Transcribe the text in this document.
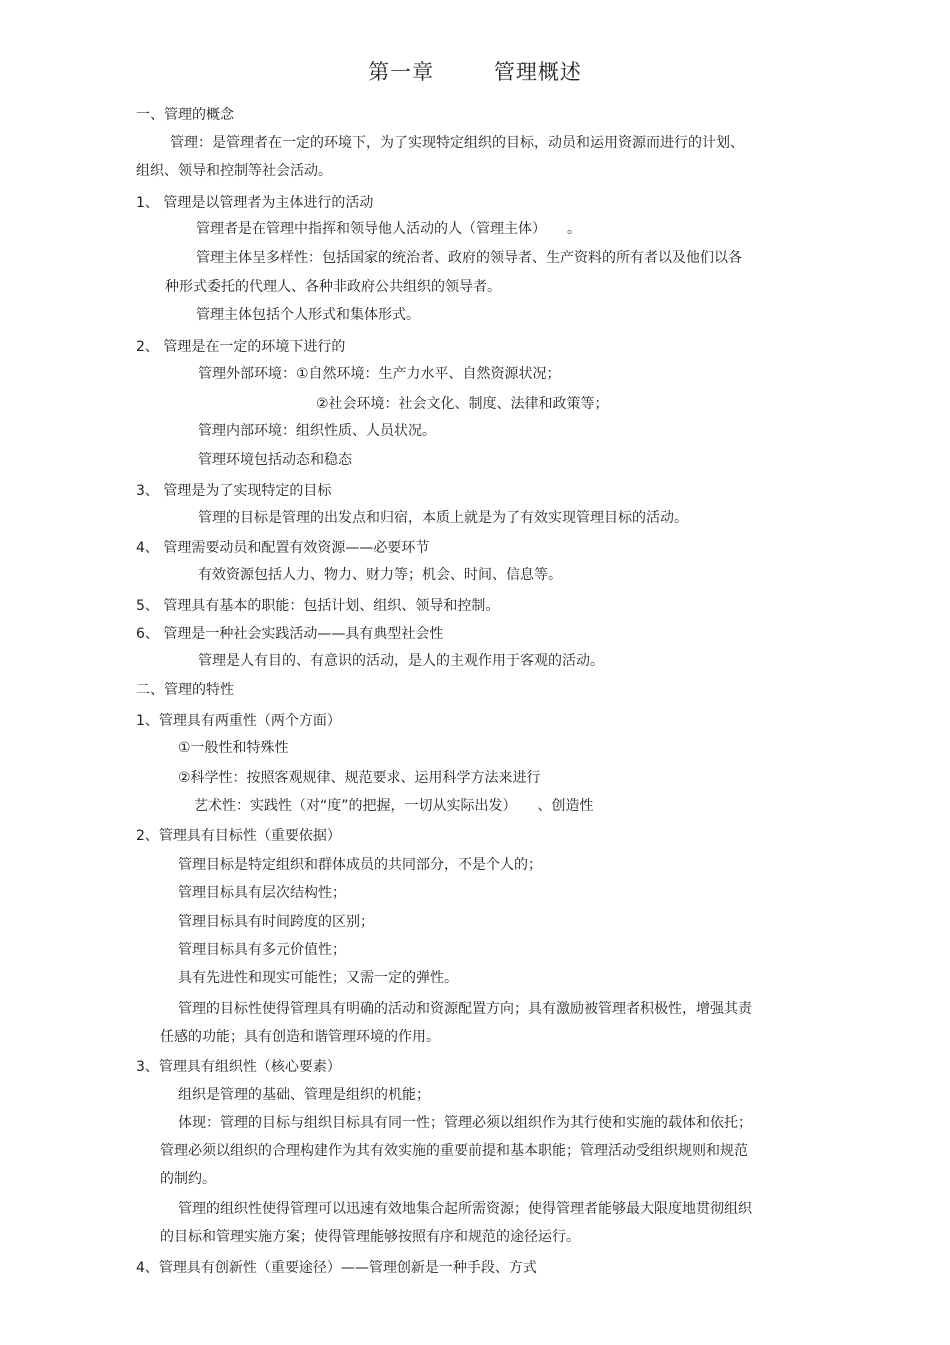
第一章 管理概述
一、管理的概念
管理：是管理者在一定的环境下，为了实现特定组织的目标，动员和运用资源而进行的计划、
组织、领导和控制等社会活动。
1、 管理是以管理者为主体进行的活动
管理者是在管理中指挥和领导他人活动的人（管理主体）　　。
管理主体呈多样性：包括国家的统治者、政府的领导者、生产资料的所有者以及他们以各
种形式委托的代理人、各种非政府公共组织的领导者。
管理主体包括个人形式和集体形式。
2、 管理是在一定的环境下进行的
管理外部环境：①自然环境：生产力水平、自然资源状况；
②社会环境：社会文化、制度、法律和政策等；
管理内部环境：组织性质、人员状况。
管理环境包括动态和稳态
3、 管理是为了实现特定的目标
管理的目标是管理的出发点和归宿，本质上就是为了有效实现管理目标的活动。
4、 管理需要动员和配置有效资源——必要环节
有效资源包括人力、物力、财力等；机会、时间、信息等。
5、 管理具有基本的职能：包括计划、组织、领导和控制。
6、 管理是一种社会实践活动——具有典型社会性
管理是人有目的、有意识的活动，是人的主观作用于客观的活动。
二、管理的特性
1、管理具有两重性（两个方面）
①一般性和特殊性
②科学性：按照客观规律、规范要求、运用科学方法来进行
艺术性：实践性（对“度”的把握，一切从实际出发）　　、创造性
2、管理具有目标性（重要依据）
管理目标是特定组织和群体成员的共同部分，不是个人的；
管理目标具有层次结构性；
管理目标具有时间跨度的区别；
管理目标具有多元价值性；
具有先进性和现实可能性；又需一定的弹性。
管理的目标性使得管理具有明确的活动和资源配置方向；具有激励被管理者积极性，增强其责
任感的功能；具有创造和谐管理环境的作用。
3、管理具有组织性（核心要素）
组织是管理的基础、管理是组织的机能；
体现：管理的目标与组织目标具有同一性；管理必须以组织作为其行使和实施的载体和依托；
管理必须以组织的合理构建作为其有效实施的重要前提和基本职能；管理活动受组织规则和规范
的制约。
管理的组织性使得管理可以迅速有效地集合起所需资源；使得管理者能够最大限度地贯彻组织
的目标和管理实施方案；使得管理能够按照有序和规范的途径运行。
4、管理具有创新性（重要途径）——管理创新是一种手段、方式
